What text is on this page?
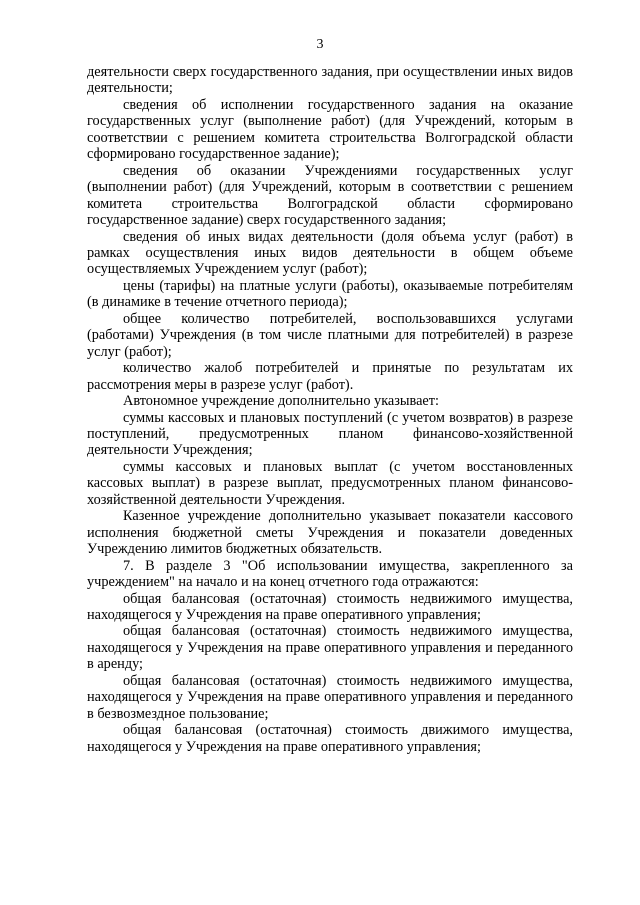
3

деятельности сверх государственного задания, при осуществлении иных видов деятельности;

сведения об исполнении государственного задания на оказание государственных услуг (выполнение работ) (для Учреждений, которым в соответствии с решением комитета строительства Волгоградской области сформировано государственное задание);

сведения об оказании Учреждениями государственных услуг (выполнении работ) (для Учреждений, которым в соответствии с решением комитета строительства Волгоградской области сформировано государственное задание) сверх государственного задания;

сведения об иных видах деятельности (доля объема услуг (работ) в рамках осуществления иных видов деятельности в общем объеме осуществляемых Учреждением услуг (работ);

цены (тарифы) на платные услуги (работы), оказываемые потребителям (в динамике в течение отчетного периода);

общее количество потребителей, воспользовавшихся услугами (работами) Учреждения (в том числе платными для потребителей) в разрезе услуг (работ);

количество жалоб потребителей и принятые по результатам их рассмотрения меры в разрезе услуг (работ).

Автономное учреждение дополнительно указывает:

суммы кассовых и плановых поступлений (с учетом возвратов) в разрезе поступлений, предусмотренных планом финансово-хозяйственной деятельности Учреждения;

суммы кассовых и плановых выплат (с учетом восстановленных кассовых выплат) в разрезе выплат, предусмотренных планом финансово-хозяйственной деятельности Учреждения.

Казенное учреждение дополнительно указывает показатели кассового исполнения бюджетной сметы Учреждения и показатели доведенных Учреждению лимитов бюджетных обязательств.

7. В разделе 3 "Об использовании имущества, закрепленного за учреждением" на начало и на конец отчетного года отражаются:

общая балансовая (остаточная) стоимость недвижимого имущества, находящегося у Учреждения на праве оперативного управления;

общая балансовая (остаточная) стоимость недвижимого имущества, находящегося у Учреждения на праве оперативного управления и переданного в аренду;

общая балансовая (остаточная) стоимость недвижимого имущества, находящегося у Учреждения на праве оперативного управления и переданного в безвозмездное пользование;

общая балансовая (остаточная) стоимость движимого имущества, находящегося у Учреждения на праве оперативного управления;
